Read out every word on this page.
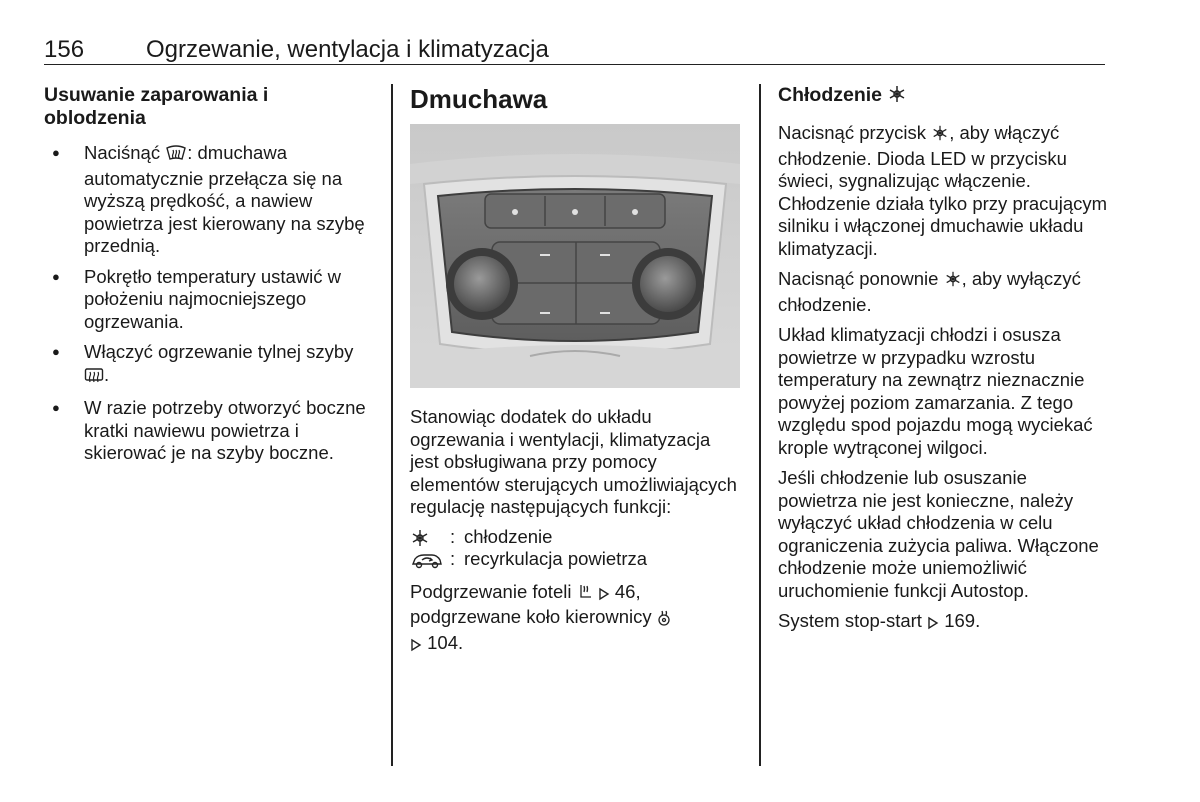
156	Ogrzewanie, wentylacja i klimatyzacja
Usuwanie zaparowania i oblodzenia
● Naciśnąć : dmuchawa automatycznie przełącza się na wyższą prędkość, a nawiew powietrza jest kierowany na szybę przednią.
● Pokrętło temperatury ustawić w położeniu najmocniejszego ogrzewania.
● Włączyć ogrzewanie tylnej szyby .
● W razie potrzeby otworzyć boczne kratki nawiewu powietrza i skierować je na szyby boczne.
Dmuchawa

Stanowiąc dodatek do układu ogrzewania i wentylacji, klimatyzacja jest obsługiwana przy pomocy elementów sterujących umożliwiających regulację następujących funkcji:

: chłodzenie
: recyrkulacja powietrza

Podgrzewanie foteli 46,
podgrzewane koło kierownicy
104.

Chłodzenie

Nacisnąć przycisk , aby włączyć chłodzenie. Dioda LED w przycisku świeci, sygnalizując włączenie. Chłodzenie działa tylko przy pracującym silniku i włączonej dmuchawie układu klimatyzacji.

Nacisnąć ponownie , aby wyłączyć chłodzenie.

Układ klimatyzacji chłodzi i osusza powietrze w przypadku wzrostu temperatury na zewnątrz nieznacznie powyżej poziom zamarzania. Z tego względu spod pojazdu mogą wyciekać krople wytrąconej wilgoci.

Jeśli chłodzenie lub osuszanie powietrza nie jest konieczne, należy wyłączyć układ chłodzenia w celu ograniczenia zużycia paliwa. Włączone chłodzenie może uniemożliwić uruchomienie funkcji Autostop.

System stop-start 169.
